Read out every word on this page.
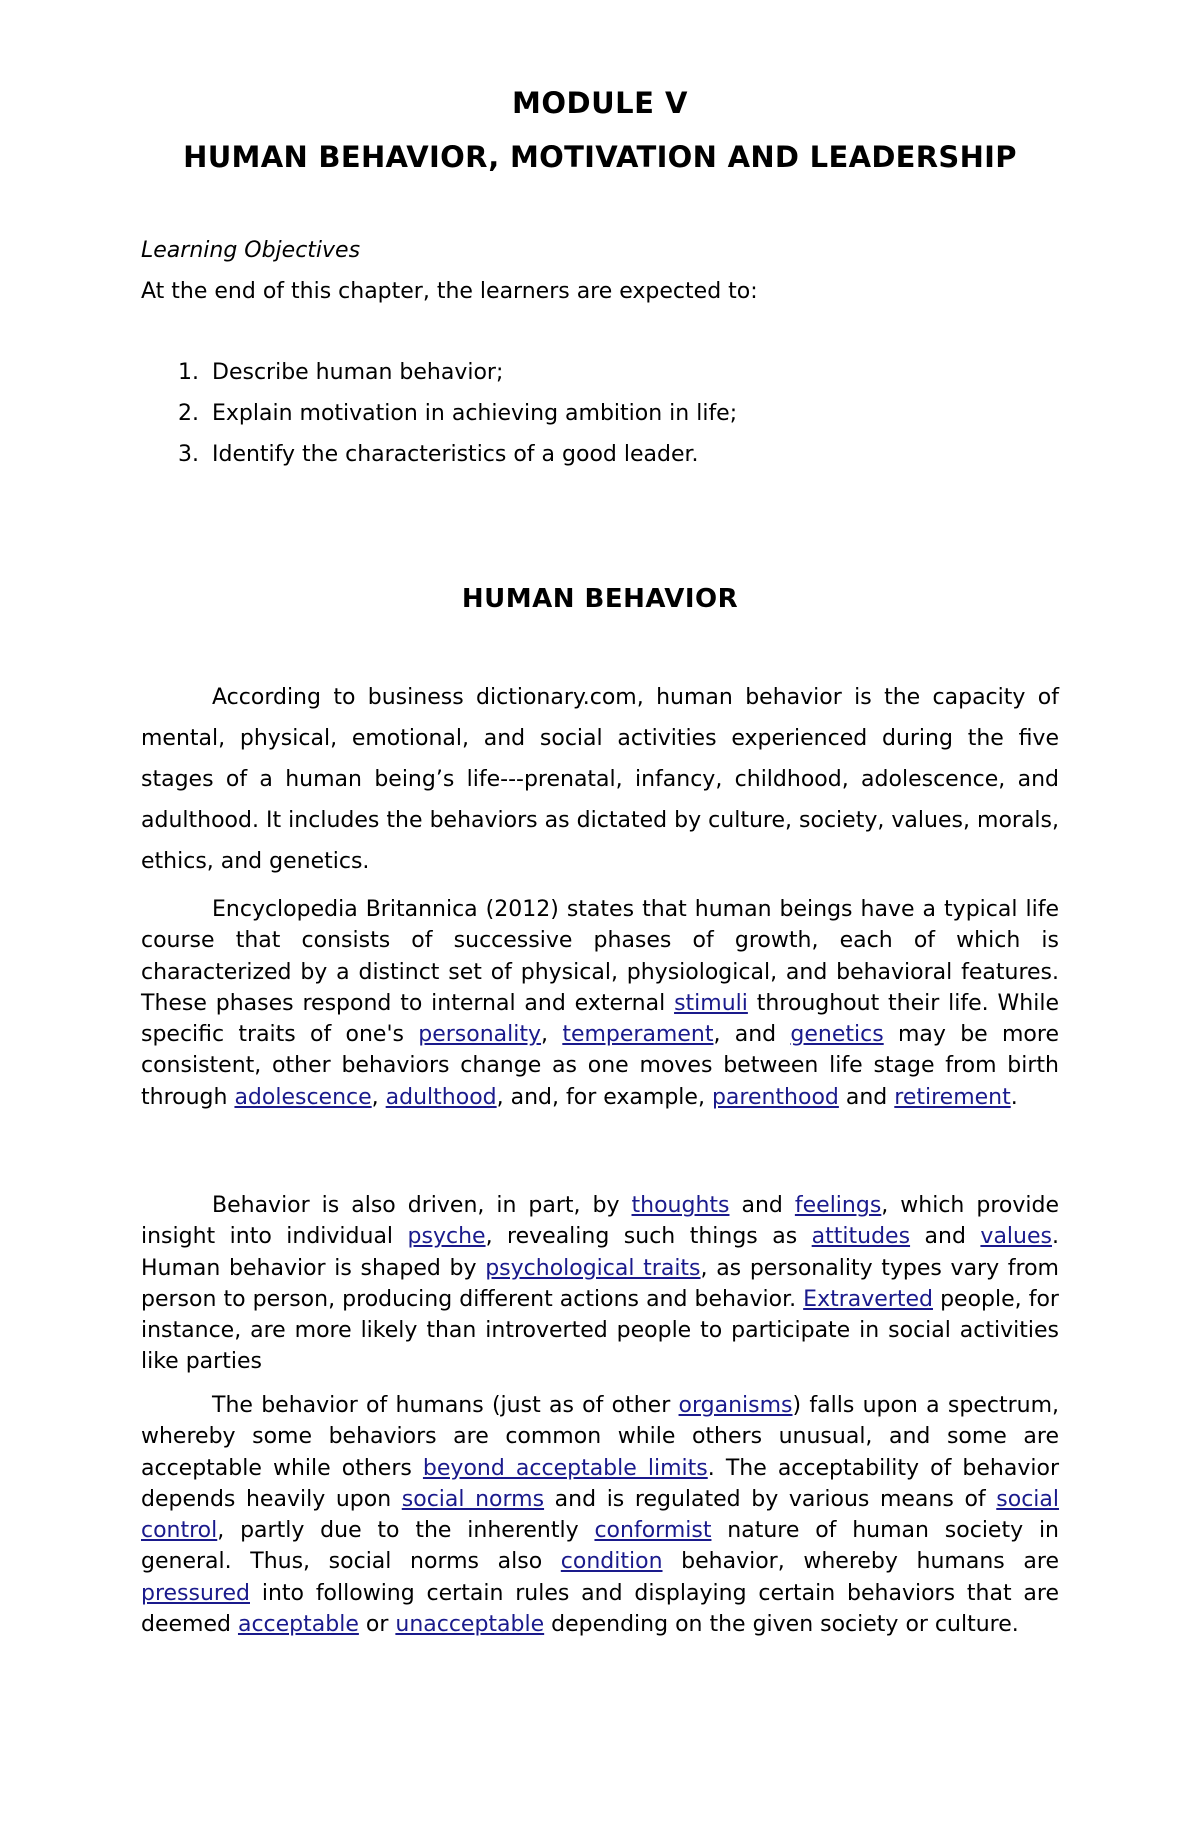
MODULE V
HUMAN BEHAVIOR, MOTIVATION AND LEADERSHIP

Learning Objectives

At the end of this chapter, the learners are expected to:

1. Describe human behavior;
2. Explain motivation in achieving ambition in life;
3. Identify the characteristics of a good leader.
HUMAN BEHAVIOR

According to business dictionary.com, human behavior is the capacity of mental, physical, emotional, and social activities experienced during the five stages of a human being’s life---prenatal, infancy, childhood, adolescence, and adulthood. It includes the behaviors as dictated by culture, society, values, morals, ethics, and genetics.

Encyclopedia Britannica (2012) states that human beings have a typical life course that consists of successive phases of growth, each of which is characterized by a distinct set of physical, physiological, and behavioral features. These phases respond to internal and external stimuli throughout their life. While specific traits of one's personality, temperament, and genetics may be more consistent, other behaviors change as one moves between life stage from birth through adolescence, adulthood, and, for example, parenthood and retirement.

Behavior is also driven, in part, by thoughts and feelings, which provide insight into individual psyche, revealing such things as attitudes and values. Human behavior is shaped by psychological traits, as personality types vary from person to person, producing different actions and behavior. Extraverted people, for instance, are more likely than introverted people to participate in social activities like parties

The behavior of humans (just as of other organisms) falls upon a spectrum, whereby some behaviors are common while others unusual, and some are acceptable while others beyond acceptable limits. The acceptability of behavior depends heavily upon social norms and is regulated by various means of social control, partly due to the inherently conformist nature of human society in general. Thus, social norms also condition behavior, whereby humans are pressured into following certain rules and displaying certain behaviors that are deemed acceptable or unacceptable depending on the given society or culture.
